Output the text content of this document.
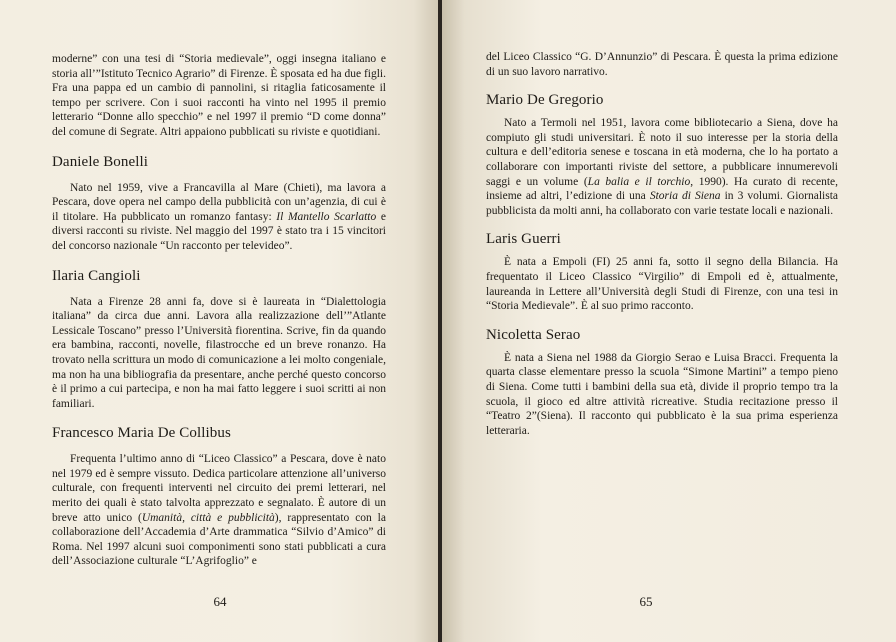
moderne” con una tesi di “Storia medievale”, oggi insegna italiano e storia all’”Istituto Tecnico Agrario” di Firenze. È sposata ed ha due figli. Fra una pappa ed un cambio di pannolini, si ritaglia faticosamente il tempo per scrivere. Con i suoi racconti ha vinto nel 1995 il premio letterario “Donne allo specchio” e nel 1997 il premio “D come donna” del comune di Segrate. Altri appaiono pubblicati su riviste e quotidiani.

Daniele Bonelli

Nato nel 1959, vive a Francavilla al Mare (Chieti), ma lavora a Pescara, dove opera nel campo della pubblicità con un’agenzia, di cui è il titolare. Ha pubblicato un romanzo fantasy: Il Mantello Scarlatto e diversi racconti su riviste. Nel maggio del 1997 è stato tra i 15 vincitori del concorso nazionale “Un racconto per televideo”.

Ilaria Cangioli

Nata a Firenze 28 anni fa, dove si è laureata in “Dialettologia italiana” da circa due anni. Lavora alla realizzazione dell’”Atlante Lessicale Toscano” presso l’Università fiorentina. Scrive, fin da quando era bambina, racconti, novelle, filastrocche ed un breve ronanzo. Ha trovato nella scrittura un modo di comunicazione a lei molto congeniale, ma non ha una bibliografia da presentare, anche perché questo concorso è il primo a cui partecipa, e non ha mai fatto leggere i suoi scritti ai non familiari.

Francesco Maria De Collibus

Frequenta l’ultimo anno di “Liceo Classico” a Pescara, dove è nato nel 1979 ed è sempre vissuto. Dedica particolare attenzione all’universo culturale, con frequenti interventi nel circuito dei premi letterari, nel merito dei quali è stato talvolta apprezzato e segnalato. È autore di un breve atto unico (Umanità, città e pubblicità), rappresentato con la collaborazione dell’Accademia d’Arte drammatica “Silvio d’Amico” di Roma. Nel 1997 alcuni suoi componimenti sono stati pubblicati a cura dell’Associazione culturale “L’Agrifoglio” e

64

del Liceo Classico “G. D’Annunzio” di Pescara. È questa la prima edizione di un suo lavoro narrativo.

Mario De Gregorio

Nato a Termoli nel 1951, lavora come bibliotecario a Siena, dove ha compiuto gli studi universitari. È noto il suo interesse per la storia della cultura e dell’editoria senese e toscana in età moderna, che lo ha portato a collaborare con importanti riviste del settore, a pubblicare innumerevoli saggi e un volume (La balia e il torchio, 1990). Ha curato di recente, insieme ad altri, l’edizione di una Storia di Siena in 3 volumi. Giornalista pubblicista da molti anni, ha collaborato con varie testate locali e nazionali.

Laris Guerri

È nata a Empoli (FI) 25 anni fa, sotto il segno della Bilancia. Ha frequentato il Liceo Classico “Virgilio” di Empoli ed è, attualmente, laureanda in Lettere all’Università degli Studi di Firenze, con una tesi in “Storia Medievale”. È al suo primo racconto.

Nicoletta Serao

È nata a Siena nel 1988 da Giorgio Serao e Luisa Bracci. Frequenta la quarta classe elementare presso la scuola “Simone Martini” a tempo pieno di Siena. Come tutti i bambini della sua età, divide il proprio tempo tra la scuola, il gioco ed altre attività ricreative. Studia recitazione presso il “Teatro 2”(Siena). Il racconto qui pubblicato è la sua prima esperienza letteraria.

65
